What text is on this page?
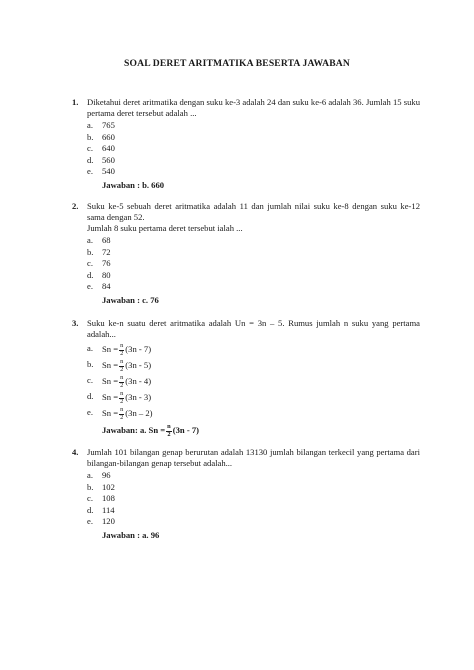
SOAL DERET ARITMATIKA BESERTA JAWABAN
1. Diketahui deret aritmatika dengan suku ke-3 adalah 24 dan suku ke-6 adalah 36. Jumlah 15 suku pertama deret tersebut adalah ...
a. 765
b. 660
c. 640
d. 560
e. 540
Jawaban : b. 660
2. Suku ke-5 sebuah deret aritmatika adalah 11 dan jumlah nilai suku ke-8 dengan suku ke-12 sama dengan 52.
Jumlah 8 suku pertama deret tersebut ialah ...
a. 68
b. 72
c. 76
d. 80
e. 84
Jawaban : c. 76
3. Suku ke-n suatu deret aritmatika adalah Un = 3n – 5. Rumus jumlah n suku yang pertama adalah...
a. $Sn = \frac{n}{2} (3n - 7)$
b. $Sn = \frac{n}{2} (3n - 5)$
c. $Sn = \frac{n}{2} (3n - 4)$
d. $Sn = \frac{n}{2} (3n - 3)$
e. $Sn = \frac{n}{2} (3n - 2)$
Jawaban: a. $Sn = \frac{n}{2} (3n - 7)$
4. Jumlah 101 bilangan genap berurutan adalah 13130 jumlah bilangan terkecil yang pertama dari bilangan-bilangan genap tersebut adalah...
a. 96
b. 102
c. 108
d. 114
e. 120
Jawaban : a. 96
